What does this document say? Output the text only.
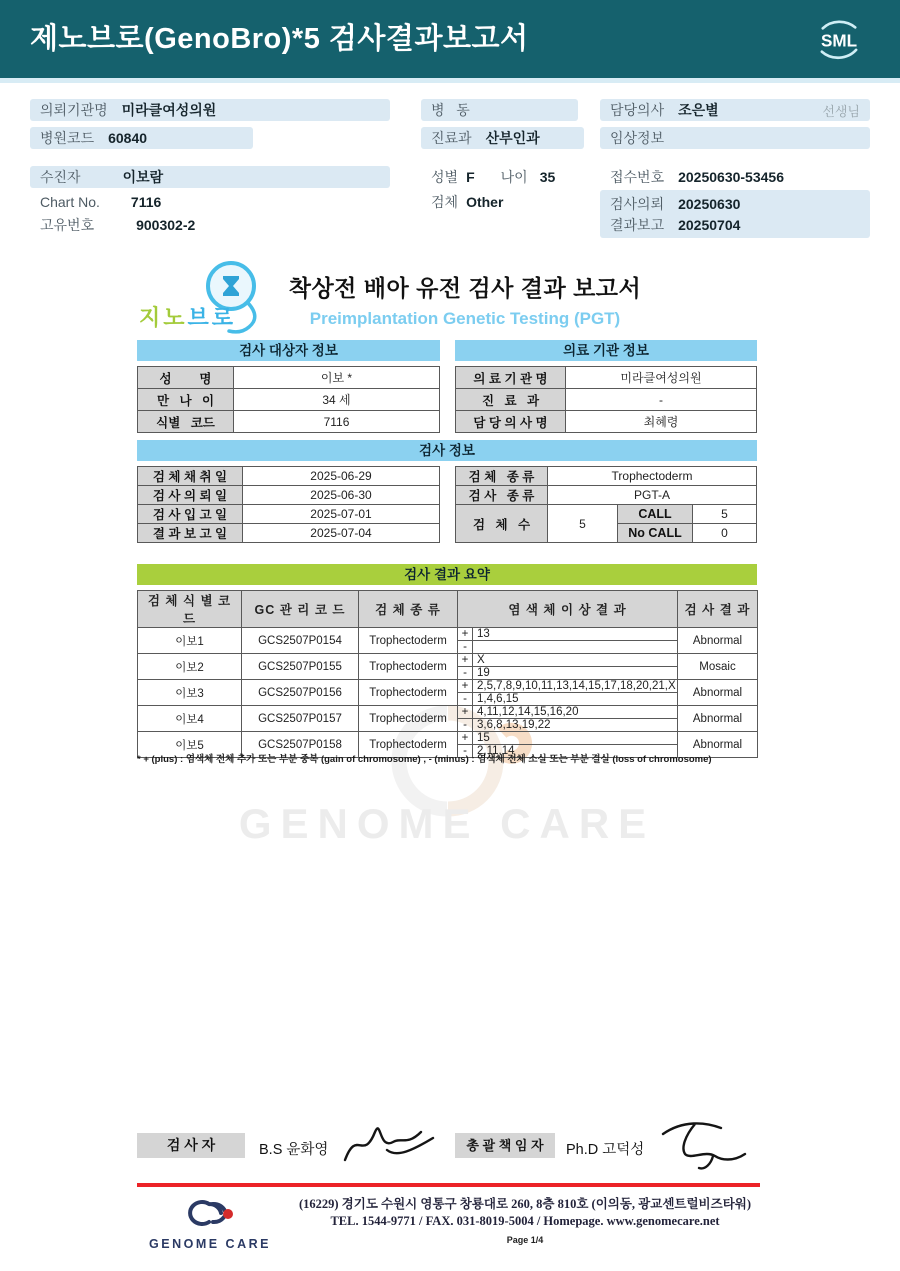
GENOME CARE
제노브로(GenoBro)*5 검사결과보고서	SML
의뢰기관명 미라클여성의원
병원코드 60840
수진자	이보람
Chart No. 7116
고유번호	900302-2
병   동
진료과 산부인과
성별 F 나이 35
검체 Other
담당의사 조은별	선생님
임상정보
접수번호 20250630-53456
검사의뢰 20250630
결과보고 20250704
지노브로
착상전 배아 유전 검사 결과 보고서
Preimplantation Genetic Testing (PGT)
검사 대상자 정보	의료 기관 정보
성        명	이보 *
만   나   이	34 세
식별   코드	7116
의 료 기 관 명	미라클여성의원
진   료   과	-
담 당 의 사 명	최혜령
검사 정보
검 체 채 취 일	2025-06-29
검 사 의 뢰 일	2025-06-30
검 사 입 고 일	2025-07-01
결 과 보 고 일	2025-07-04
검 체   종 류	Trophectoderm		
검 사   종 류	PGT-A		
검   체   수	5	CALL	5
		No CALL	0
검사 결과 요약
검 체 식 별 코 드	GC 관 리 코 드	검 체 종 류	염 색 체 이 상 결 과		검 사 결 과
이보1	GCS2507P0154	Trophectoderm	+	13	Abnormal
			-		
이보2	GCS2507P0155	Trophectoderm	+	X	Mosaic
			-	19	
이보3	GCS2507P0156	Trophectoderm	+	2,5,7,8,9,10,11,13,14,15,17,18,20,21,X	Abnormal
			-	1,4,6,15	
이보4	GCS2507P0157	Trophectoderm	+	4,11,12,14,15,16,20	Abnormal
			-	3,6,8,13,19,22	
이보5	GCS2507P0158	Trophectoderm	+	15	Abnormal
			-	2,11,14	
* + (plus) : 염색체 전체 추가 또는 부분 중복 (gain of chromosome) , - (minus) : 염색체 전체 소실 또는 부분 결실 (loss of chromosome)
검 사 자	B.S 윤화영	총 괄 책 임 자	Ph.D 고덕성
GENOME CARE
(16229) 경기도 수원시 영통구 창룡대로 260, 8층 810호 (이의동, 광교센트럴비즈타워)
TEL. 1544-9771 / FAX. 031-8019-5004 / Homepage. www.genomecare.net
Page 1/4
